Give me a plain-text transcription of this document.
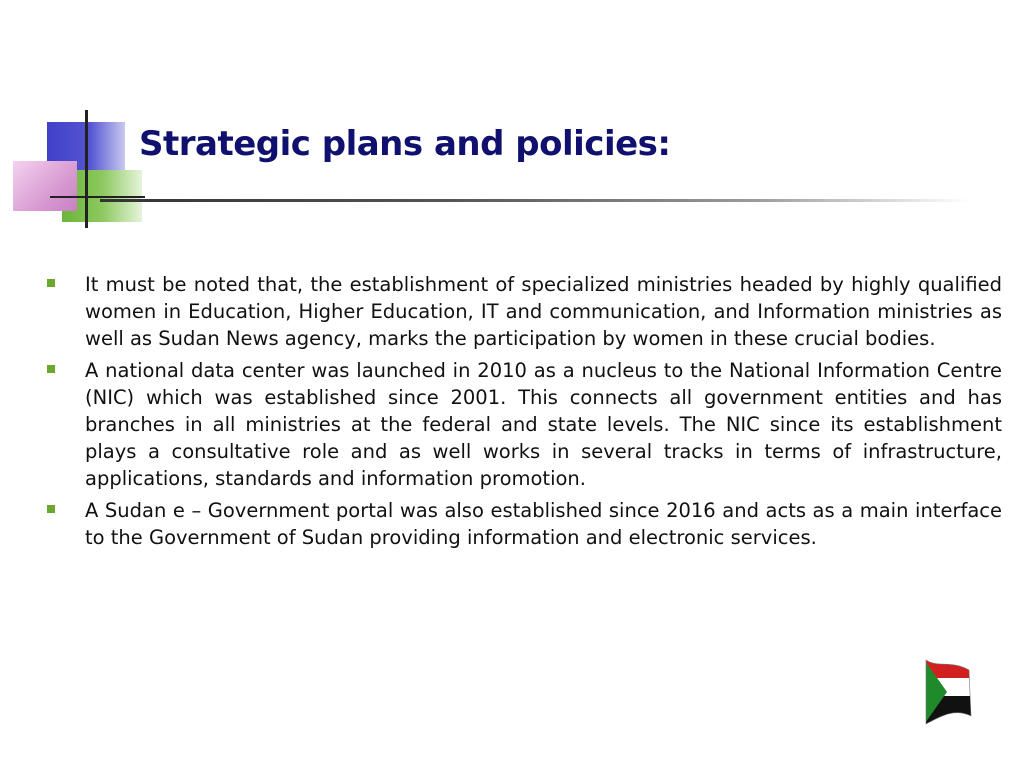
Strategic plans and policies:
It must be noted that, the establishment of specialized ministries headed by highly qualified women in Education, Higher Education, IT and communication, and Information ministries as well as Sudan News agency, marks the participation by women in these crucial bodies.
A national data center was launched in 2010 as a nucleus to the National Information Centre (NIC) which was established since 2001. This connects all government entities and has branches in all ministries at the federal and state levels. The NIC since its establishment plays a consultative role and as well works in several tracks in terms of infrastructure, applications, standards and information promotion.
A Sudan e – Government portal was also established since 2016 and acts as a main interface to the Government of Sudan providing information and electronic services.
